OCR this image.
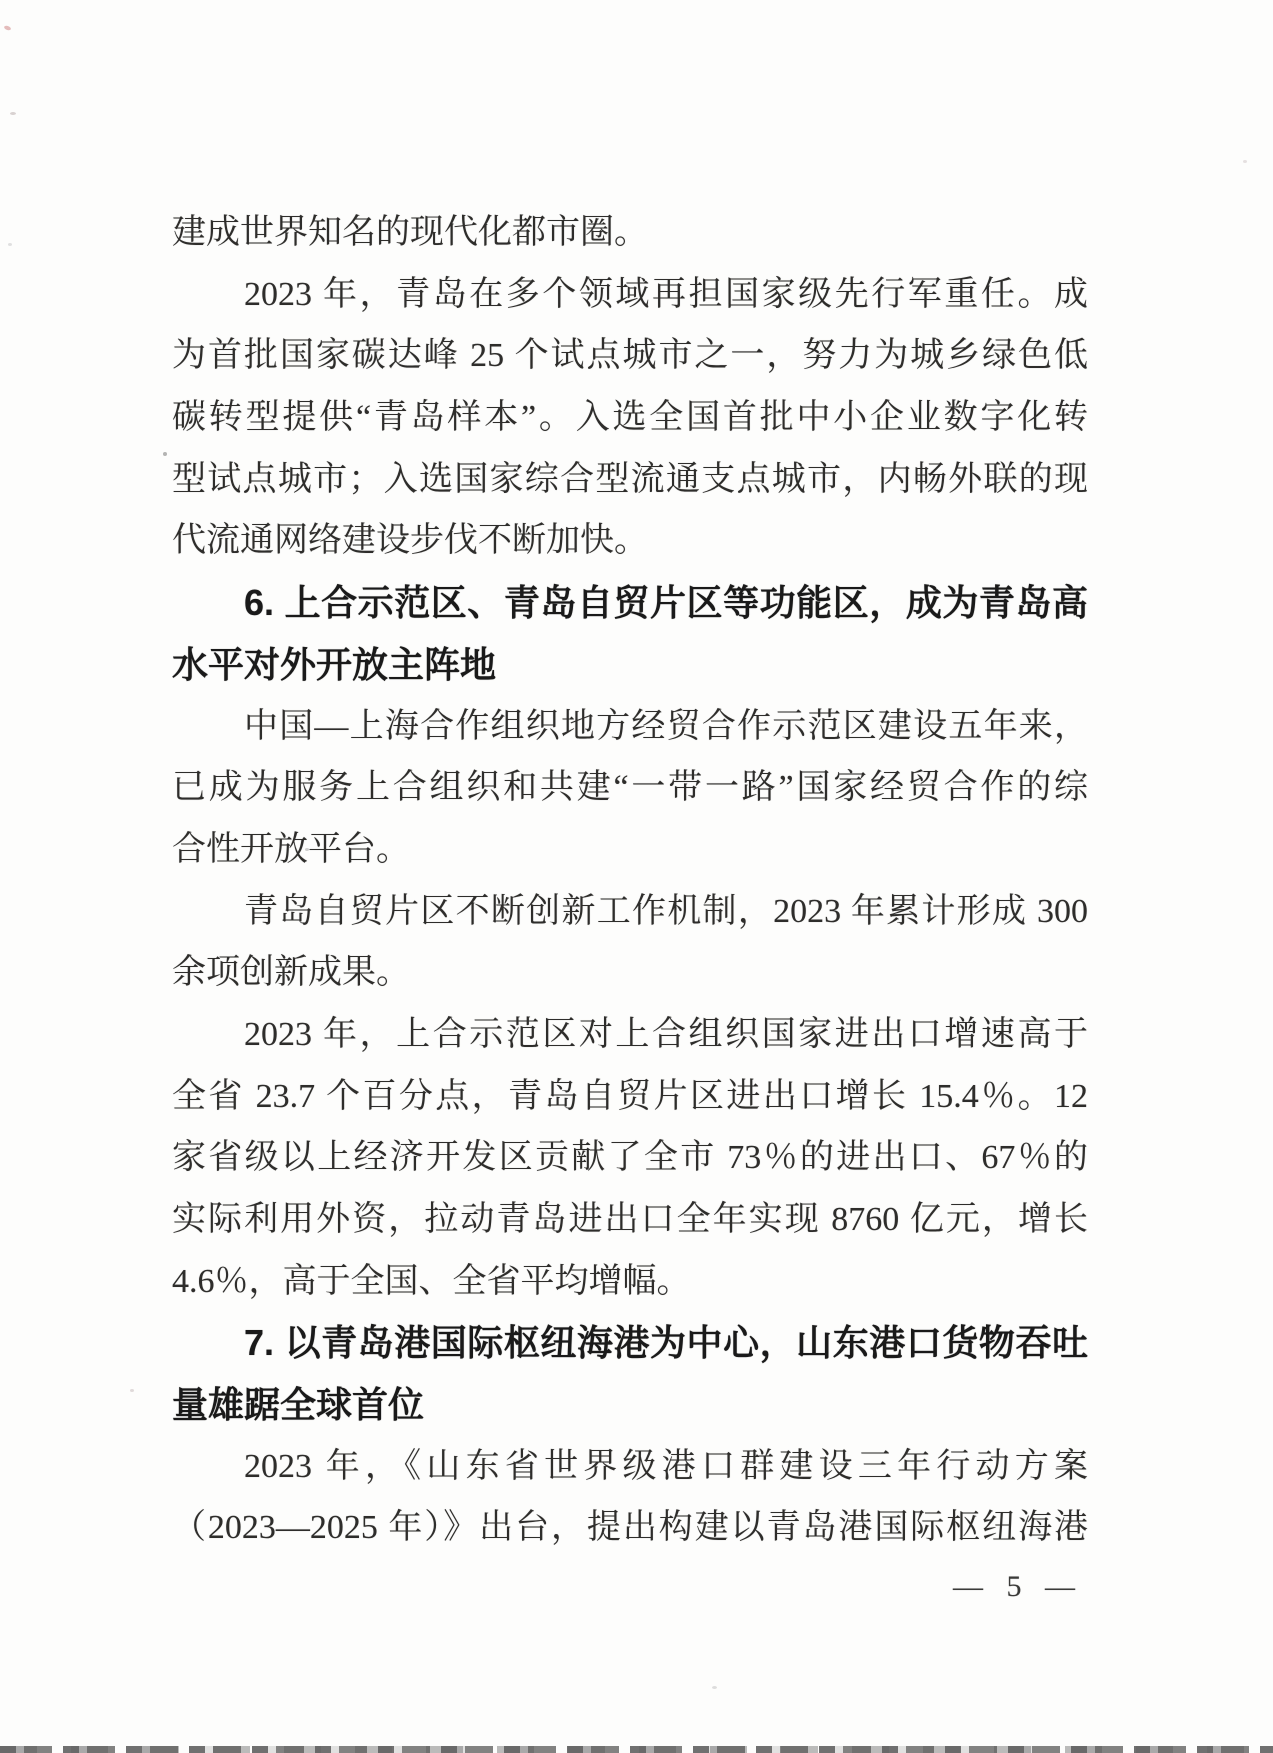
建成世界知名的现代化都市圈。
2023 年，青岛在多个领域再担国家级先行军重任。成
为首批国家碳达峰 25 个试点城市之一，努力为城乡绿色低
碳转型提供“青岛样本”。入选全国首批中小企业数字化转
型试点城市；入选国家综合型流通支点城市，内畅外联的现
代流通网络建设步伐不断加快。
6. 上合示范区、青岛自贸片区等功能区，成为青岛高
水平对外开放主阵地
中国—上海合作组织地方经贸合作示范区建设五年来，
已成为服务上合组织和共建“一带一路”国家经贸合作的综
合性开放平台。
青岛自贸片区不断创新工作机制，2023 年累计形成 300
余项创新成果。
2023 年，上合示范区对上合组织国家进出口增速高于
全省 23.7 个百分点，青岛自贸片区进出口增长 15.4％。12
家省级以上经济开发区贡献了全市 73％的进出口、67％的
实际利用外资，拉动青岛进出口全年实现 8760 亿元，增长
4.6％，高于全国、全省平均增幅。
7. 以青岛港国际枢纽海港为中心，山东港口货物吞吐
量雄踞全球首位
2023 年，《山东省世界级港口群建设三年行动方案
（2023—2025 年）》出台，提出构建以青岛港国际枢纽海港
— 5 —
